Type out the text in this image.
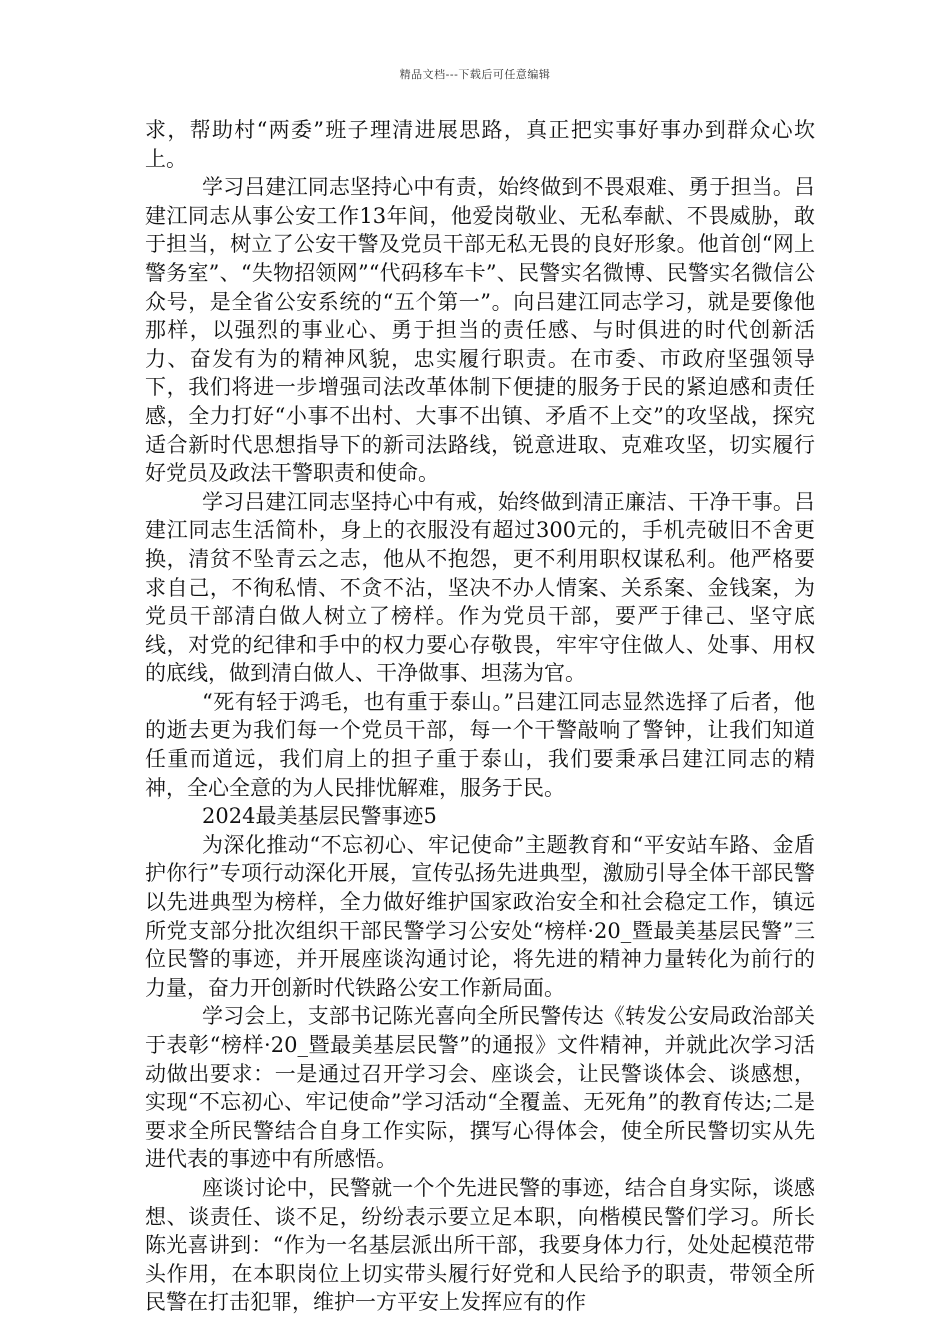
精品文档---下载后可任意编辑

求，帮助村“两委”班子理清进展思路，真正把实事好事办到群众心坎上。

学习吕建江同志坚持心中有责，始终做到不畏艰难、勇于担当。吕建江同志从事公安工作13年间，他爱岗敬业、无私奉献、不畏威胁，敢于担当，树立了公安干警及党员干部无私无畏的良好形象。他首创“网上警务室”、“失物招领网”“代码移车卡”、民警实名微博、民警实名微信公众号，是全省公安系统的“五个第一”。向吕建江同志学习，就是要像他那样，以强烈的事业心、勇于担当的责任感、与时俱进的时代创新活力、奋发有为的精神风貌，忠实履行职责。在市委、市政府坚强领导下，我们将进一步增强司法改革体制下便捷的服务于民的紧迫感和责任感，全力打好“小事不出村、大事不出镇、矛盾不上交”的攻坚战，探究适合新时代思想指导下的新司法路线，锐意进取、克难攻坚，切实履行好党员及政法干警职责和使命。

学习吕建江同志坚持心中有戒，始终做到清正廉洁、干净干事。吕建江同志生活简朴，身上的衣服没有超过300元的，手机壳破旧不舍更换，清贫不坠青云之志，他从不抱怨，更不利用职权谋私利。他严格要求自己，不徇私情、不贪不沾，坚决不办人情案、关系案、金钱案，为党员干部清白做人树立了榜样。作为党员干部，要严于律己、坚守底线，对党的纪律和手中的权力要心存敬畏，牢牢守住做人、处事、用权的底线，做到清白做人、干净做事、坦荡为官。

“死有轻于鸿毛，也有重于泰山。”吕建江同志显然选择了后者，他的逝去更为我们每一个党员干部，每一个干警敲响了警钟，让我们知道任重而道远，我们肩上的担子重于泰山，我们要秉承吕建江同志的精神，全心全意的为人民排忧解难，服务于民。

2024最美基层民警事迹5

为深化推动“不忘初心、牢记使命”主题教育和“平安站车路、金盾护你行”专项行动深化开展，宣传弘扬先进典型，激励引导全体干部民警以先进典型为榜样，全力做好维护国家政治安全和社会稳定工作，镇远所党支部分批次组织干部民警学习公安处“榜样·20_暨最美基层民警”三位民警的事迹，并开展座谈沟通讨论，将先进的精神力量转化为前行的力量，奋力开创新时代铁路公安工作新局面。

学习会上，支部书记陈光喜向全所民警传达《转发公安局政治部关于表彰“榜样·20_暨最美基层民警”的通报》文件精神，并就此次学习活动做出要求：一是通过召开学习会、座谈会，让民警谈体会、谈感想，实现“不忘初心、牢记使命”学习活动“全覆盖、无死角”的教育传达;二是要求全所民警结合自身工作实际，撰写心得体会，使全所民警切实从先进代表的事迹中有所感悟。

座谈讨论中，民警就一个个先进民警的事迹，结合自身实际，谈感想、谈责任、谈不足，纷纷表示要立足本职，向楷模民警们学习。所长陈光喜讲到：“作为一名基层派出所干部，我要身体力行，处处起模范带头作用，在本职岗位上切实带头履行好党和人民给予的职责，带领全所民警在打击犯罪，维护一方平安上发挥应有的作
